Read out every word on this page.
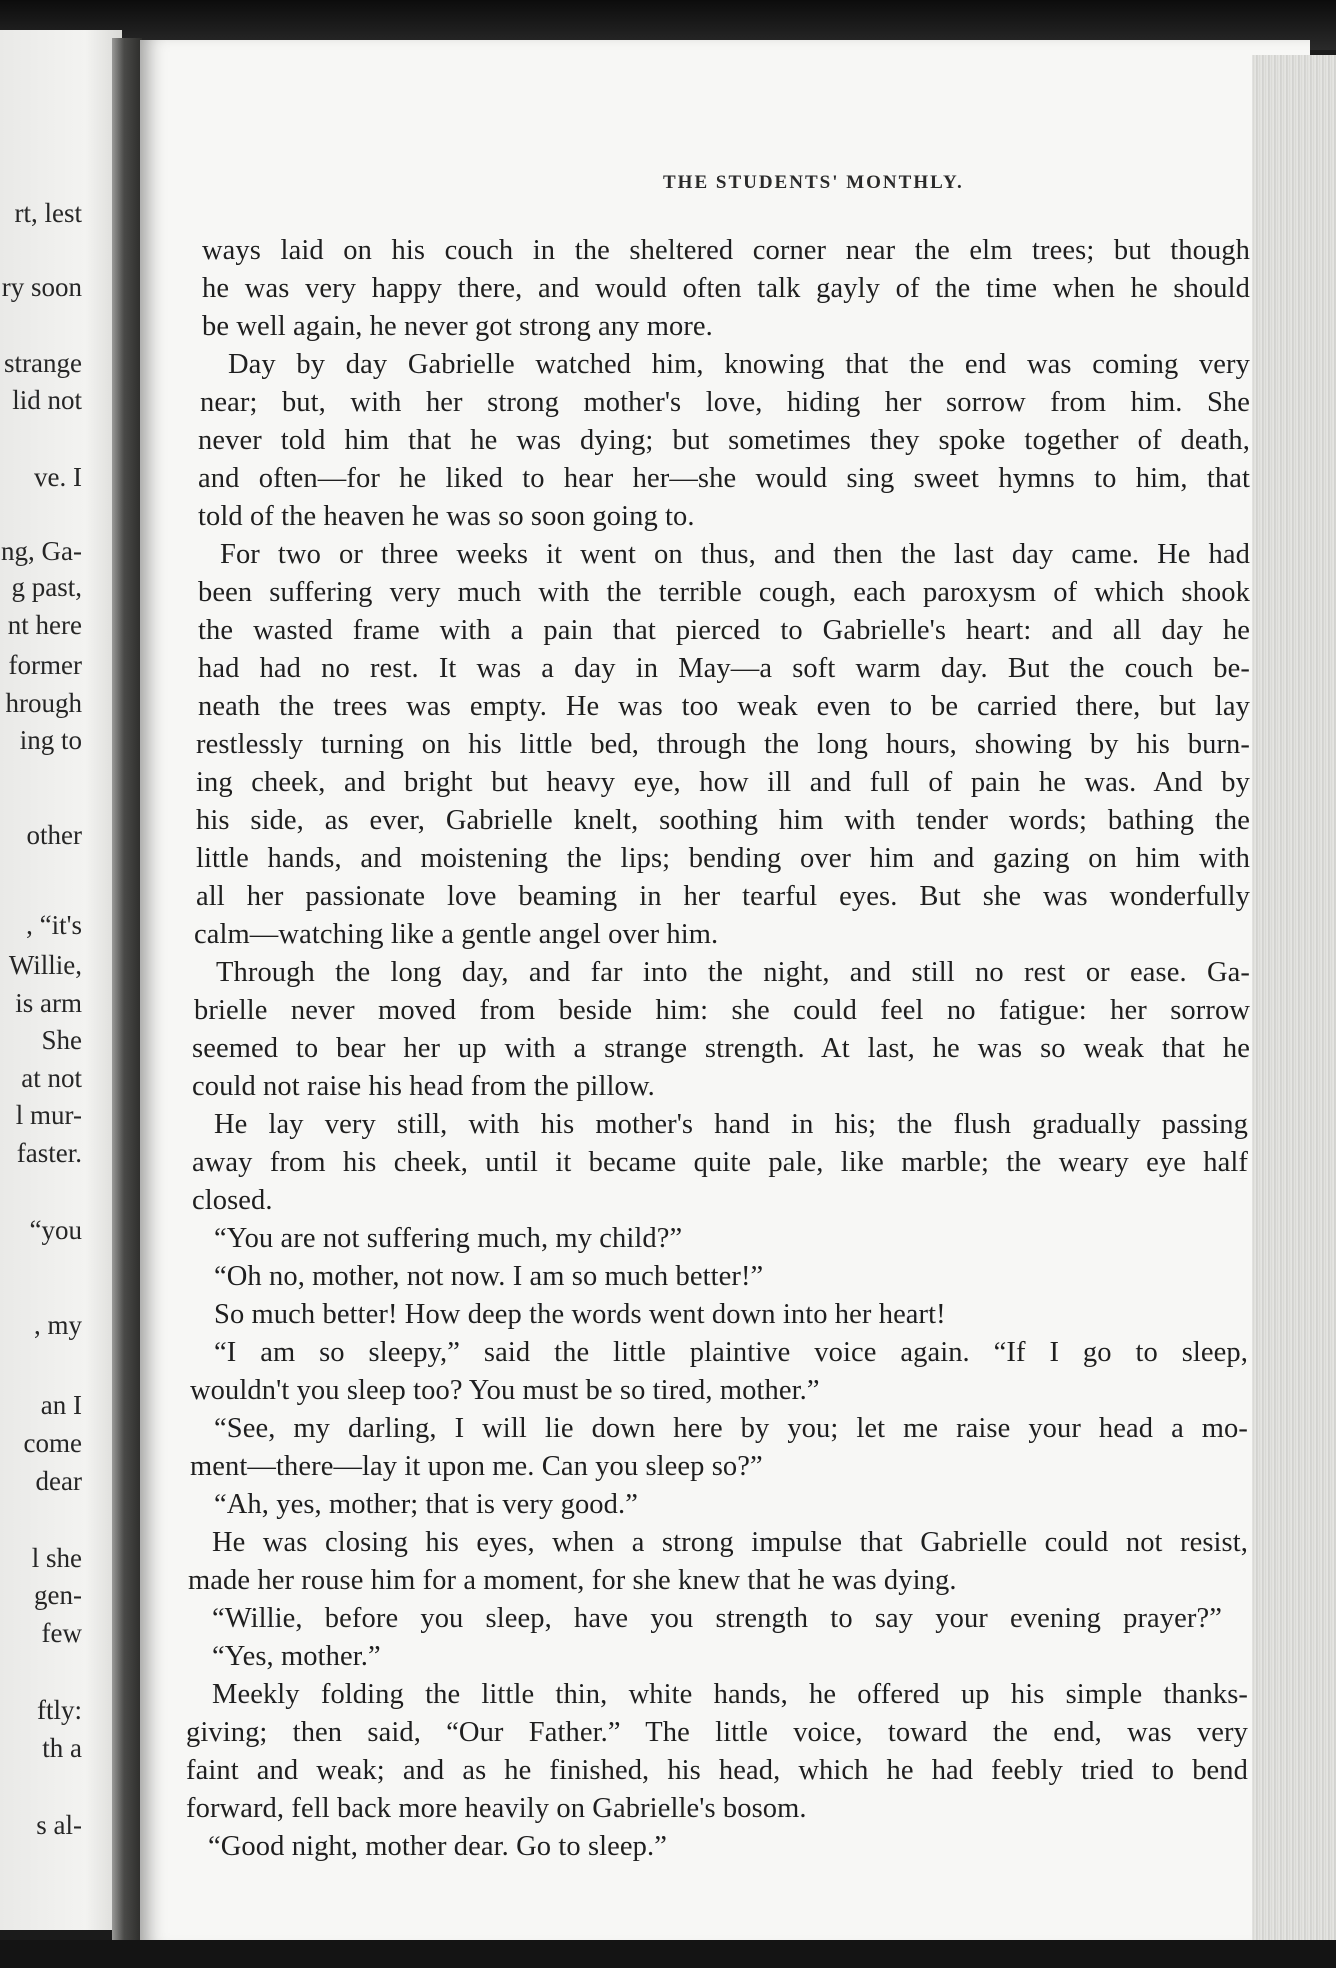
rt, lest
ry soon
strange
lid not
ve. I
ng, Ga-
g past,
nt here
former
hrough
ing to
other
, “it's
Willie,
is arm
She
at not
l mur-
faster.
“you
, my
an I
come
dear
l she
gen-
few
ftly:
th a
s al-
THE STUDENTS' MONTHLY.
ways laid on his couch in the sheltered corner near the elm trees; but though
he was very happy there, and would often talk gayly of the time when he should
be well again, he never got strong any more.
Day by day Gabrielle watched him, knowing that the end was coming very
near; but, with her strong mother's love, hiding her sorrow from him. She
never told him that he was dying; but sometimes they spoke together of death,
and often—for he liked to hear her—she would sing sweet hymns to him, that
told of the heaven he was so soon going to.
For two or three weeks it went on thus, and then the last day came. He had
been suffering very much with the terrible cough, each paroxysm of which shook
the wasted frame with a pain that pierced to Gabrielle's heart: and all day he
had had no rest. It was a day in May—a soft warm day. But the couch be-
neath the trees was empty. He was too weak even to be carried there, but lay
restlessly turning on his little bed, through the long hours, showing by his burn-
ing cheek, and bright but heavy eye, how ill and full of pain he was. And by
his side, as ever, Gabrielle knelt, soothing him with tender words; bathing the
little hands, and moistening the lips; bending over him and gazing on him with
all her passionate love beaming in her tearful eyes. But she was wonderfully
calm—watching like a gentle angel over him.
Through the long day, and far into the night, and still no rest or ease. Ga-
brielle never moved from beside him: she could feel no fatigue: her sorrow
seemed to bear her up with a strange strength. At last, he was so weak that he
could not raise his head from the pillow.
He lay very still, with his mother's hand in his; the flush gradually passing
away from his cheek, until it became quite pale, like marble; the weary eye half
closed.
“You are not suffering much, my child?”
“Oh no, mother, not now. I am so much better!”
So much better! How deep the words went down into her heart!
“I am so sleepy,” said the little plaintive voice again. “If I go to sleep,
wouldn't you sleep too? You must be so tired, mother.”
“See, my darling, I will lie down here by you; let me raise your head a mo-
ment—there—lay it upon me. Can you sleep so?”
“Ah, yes, mother; that is very good.”
He was closing his eyes, when a strong impulse that Gabrielle could not resist,
made her rouse him for a moment, for she knew that he was dying.
“Willie, before you sleep, have you strength to say your evening prayer?”
“Yes, mother.”
Meekly folding the little thin, white hands, he offered up his simple thanks-
giving; then said, “Our Father.” The little voice, toward the end, was very
faint and weak; and as he finished, his head, which he had feebly tried to bend
forward, fell back more heavily on Gabrielle's bosom.
“Good night, mother dear. Go to sleep.”
